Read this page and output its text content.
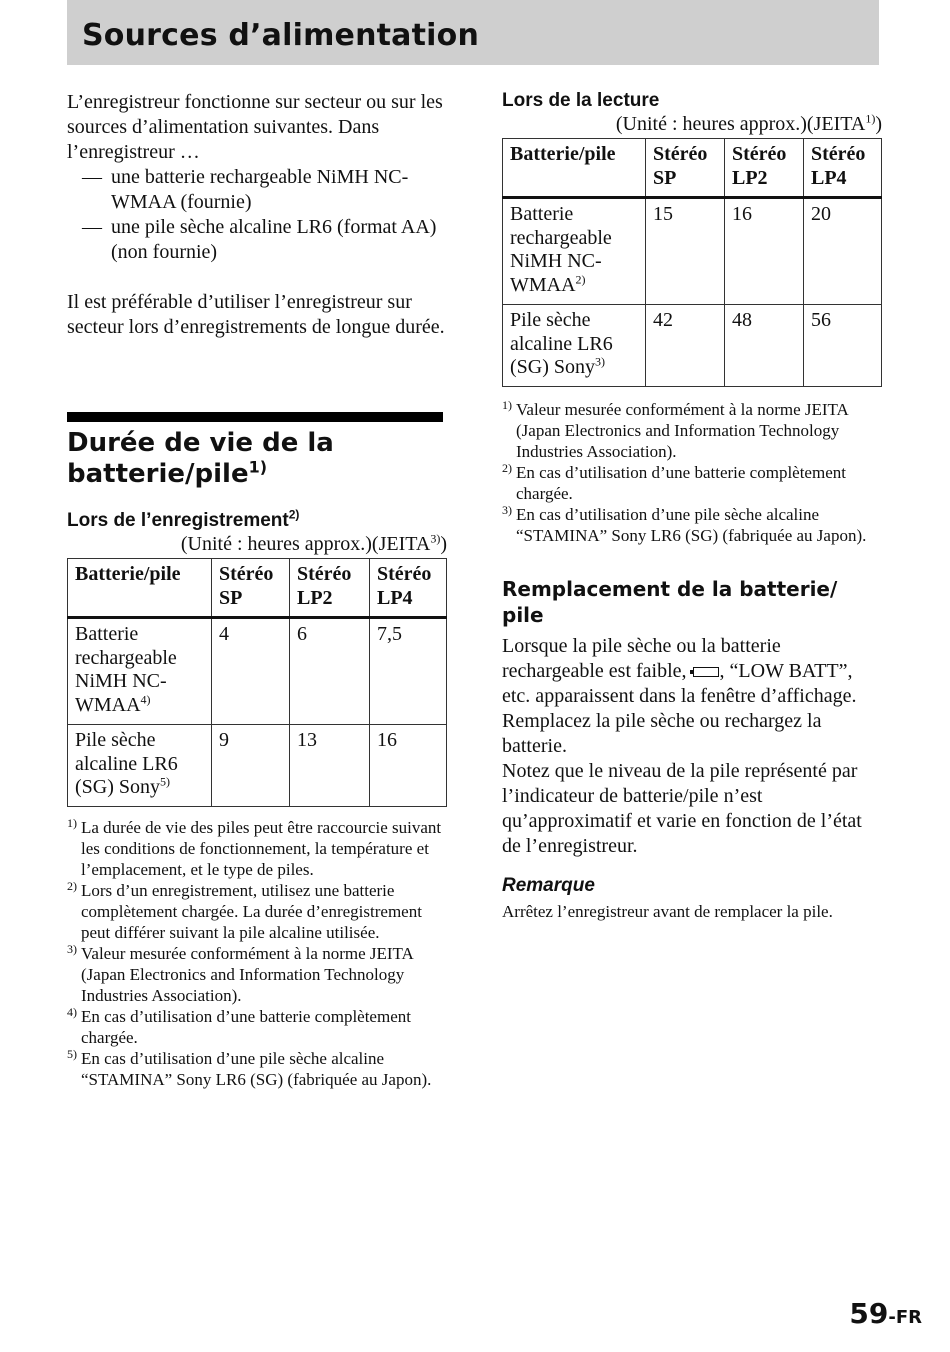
Sources d’alimentation

L’enregistreur fonctionne sur secteur ou sur les sources d’alimentation suivantes. Dans l’enregistreur …

— une batterie rechargeable NiMH NC-WMAA (fournie)
— une pile sèche alcaline LR6 (format AA) (non fournie)

Il est préférable d’utiliser l’enregistreur sur secteur lors d’enregistrements de longue durée.

Durée de vie de la batterie/pile$^{1)}$
Lors de l’enregistrement$^{2)}$

(Unité : heures approx.)(JEITA$^{3)}$)

Batterie/pile	Stéréo SP	Stéréo LP2	Stéréo LP4
Batterie rechargeable NiMH NC-WMAA$^{4)}$	4	6	7,5
Pile sèche alcaline LR6 (SG) Sony$^{5)}$	9	13	16
1) La durée de vie des piles peut être raccourcie suivant les conditions de fonctionnement, la température et l’emplacement, et le type de piles.
2) Lors d’un enregistrement, utilisez une batterie complètement chargée. La durée d’enregistrement peut différer suivant la pile alcaline utilisée.
3) Valeur mesurée conformément à la norme JEITA (Japan Electronics and Information Technology Industries Association).
4) En cas d’utilisation d’une batterie complètement chargée.
5) En cas d’utilisation d’une pile sèche alcaline “STAMINA” Sony LR6 (SG) (fabriquée au Japon).
Lors de la lecture

(Unité : heures approx.)(JEITA$^{1)}$)

Batterie/pile	Stéréo SP	Stéréo LP2	Stéréo LP4
Batterie rechargeable NiMH NC-WMAA$^{2)}$	15	16	20
Pile sèche alcaline LR6 (SG) Sony$^{3)}$	42	48	56
1) Valeur mesurée conformément à la norme JEITA (Japan Electronics and Information Technology Industries Association).
2) En cas d’utilisation d’une batterie complètement chargée.
3) En cas d’utilisation d’une pile sèche alcaline “STAMINA” Sony LR6 (SG) (fabriquée au Japon).
Remplacement de la batterie/ pile

Lorsque la pile sèche ou la batterie rechargeable est faible, , “LOW BATT”, etc. apparaissent dans la fenêtre d’affichage. Remplacez la pile sèche ou rechargez la batterie.

Notez que le niveau de la pile représenté par l’indicateur de batterie/pile n’est qu’approximatif et varie en fonction de l’état de l’enregistreur.

Remarque

Arrêtez l’enregistreur avant de remplacer la pile.

59-FR
